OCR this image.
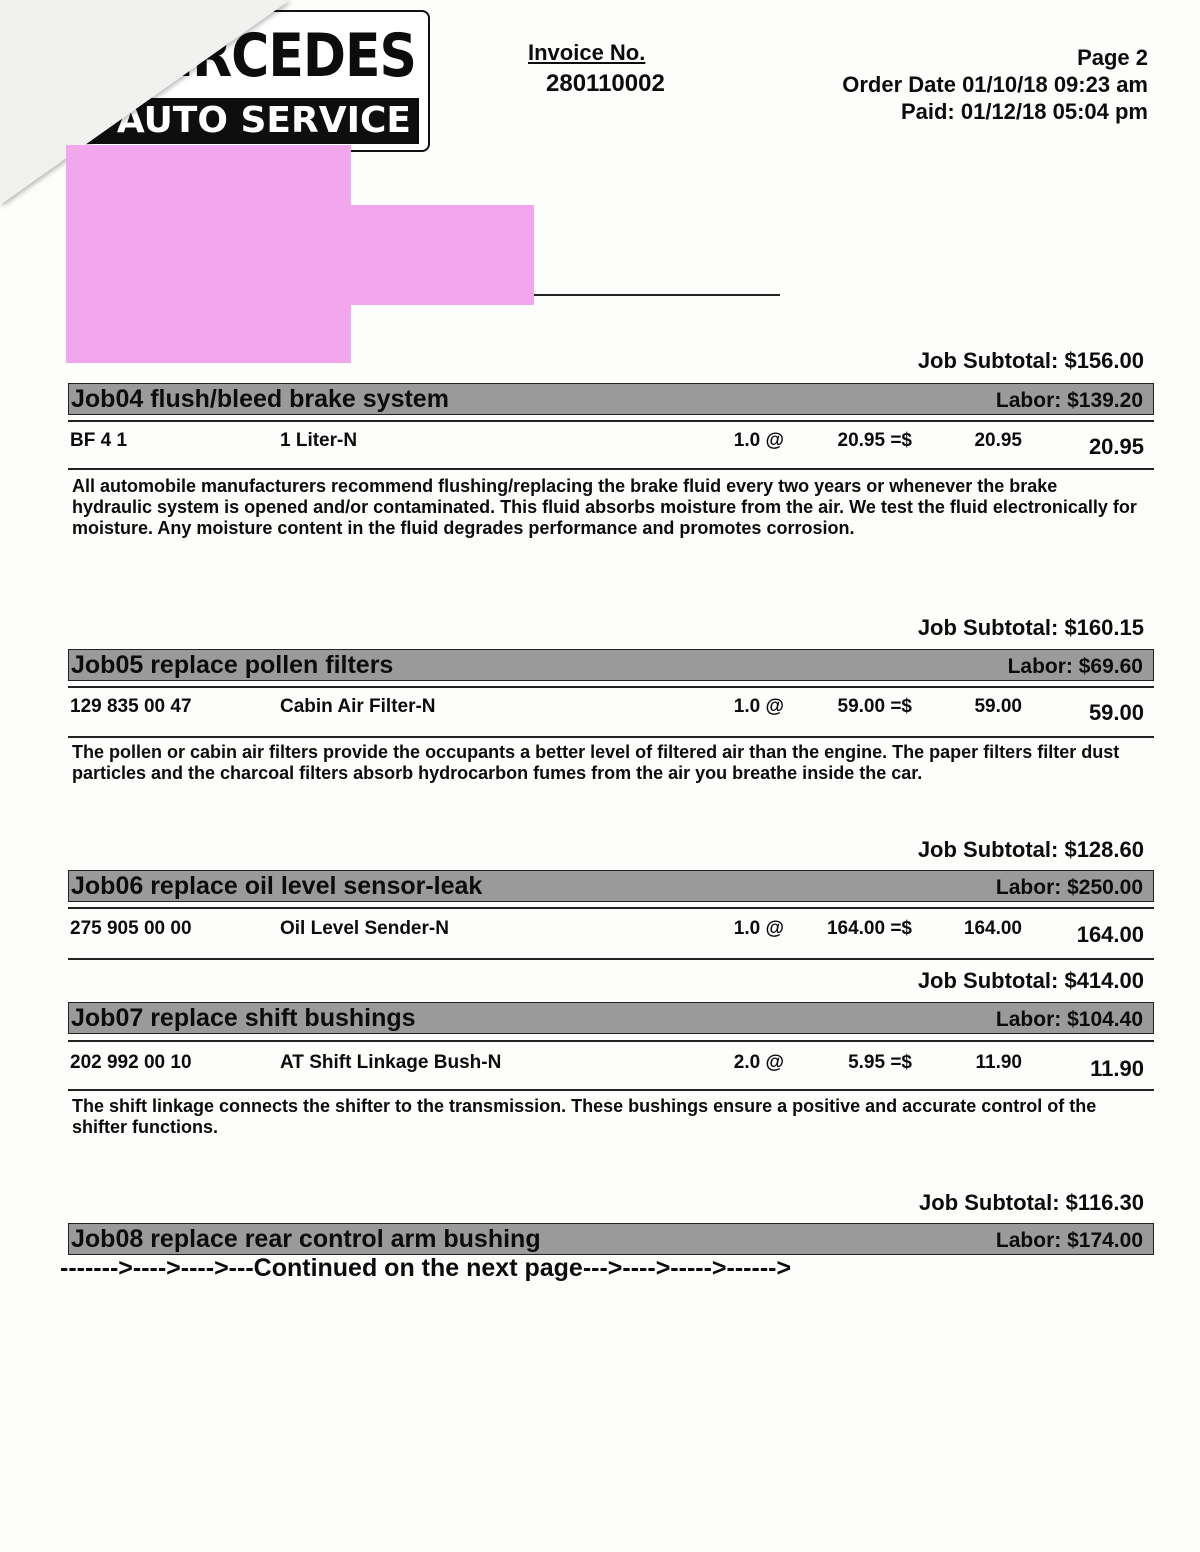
ERCEDES
AUTO SERVICE
Invoice No.
280110002
Page 2
Order Date 01/10/18 09:23 am
Paid: 01/12/18 05:04 pm
Job Subtotal: $156.00
Job04 flush/bleed brake system	Labor: $139.20
BF 4 1	1 Liter-N	1.0 @	20.95 =$	20.95	20.95
All automobile manufacturers recommend flushing/replacing the brake fluid every two years or whenever the brake hydraulic system is opened and/or contaminated. This fluid absorbs moisture from the air. We test the fluid electronically for moisture. Any moisture content in the fluid degrades performance and promotes corrosion.
Job Subtotal: $160.15
Job05 replace pollen filters	Labor: $69.60
129 835 00 47	Cabin Air Filter-N	1.0 @	59.00 =$	59.00	59.00
The pollen or cabin air filters provide the occupants a better level of filtered air than the engine. The paper filters filter dust particles and the charcoal filters absorb hydrocarbon fumes from the air you breathe inside the car.
Job Subtotal: $128.60
Job06 replace oil level sensor-leak	Labor: $250.00
275 905 00 00	Oil Level Sender-N	1.0 @	164.00 =$	164.00	164.00
Job Subtotal: $414.00
Job07 replace shift bushings	Labor: $104.40
202 992 00 10	AT Shift Linkage Bush-N	2.0 @	5.95 =$	11.90	11.90
The shift linkage connects the shifter to the transmission. These bushings ensure a positive and accurate control of the shifter functions.
Job Subtotal: $116.30
Job08 replace rear control arm bushing	Labor: $174.00
------->---->---->---Continued on the next page--->---->----->------>
